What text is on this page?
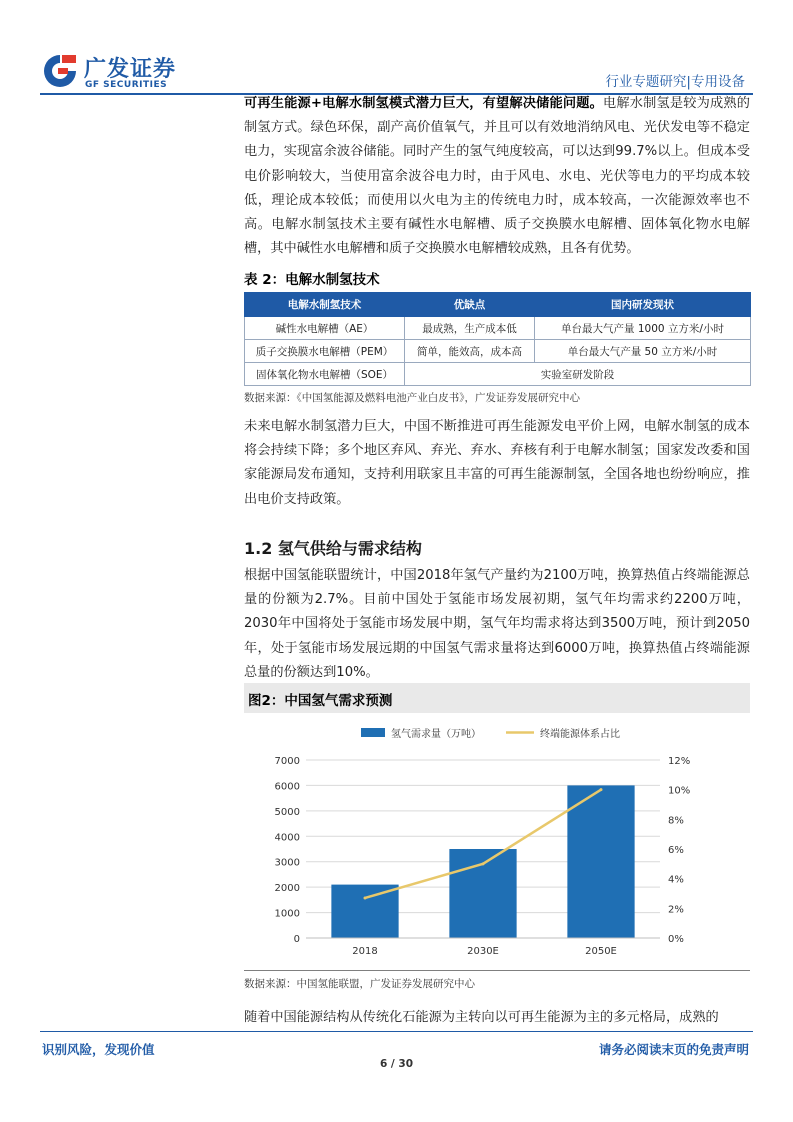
广发证券
GF SECURITIES	行业专题研究|专用设备

可再生能源+电解水制氢模式潜力巨大，有望解决储能问题。电解水制氢是较为成熟的制氢方式。绿色环保，副产高价值氧气，并且可以有效地消纳风电、光伏发电等不稳定电力，实现富余波谷储能。同时产生的氢气纯度较高，可以达到99.7%以上。但成本受电价影响较大，当使用富余波谷电力时，由于风电、水电、光伏等电力的平均成本较低，理论成本较低；而使用以火电为主的传统电力时，成本较高，一次能源效率也不高。电解水制氢技术主要有碱性水电解槽、质子交换膜水电解槽、固体氧化物水电解槽，其中碱性水电解槽和质子交换膜水电解槽较成熟，且各有优势。

表 2：电解水制氢技术
电解水制氢技术	优缺点	国内研发现状
碱性水电解槽（AE）	最成熟，生产成本低	单台最大气产量 1000 立方米/小时
质子交换膜水电解槽（PEM）	简单，能效高，成本高	单台最大气产量 50 立方米/小时
固体氧化物水电解槽（SOE）	实验室研发阶段	
数据来源：《中国氢能源及燃料电池产业白皮书》，广发证券发展研究中心

未来电解水制氢潜力巨大，中国不断推进可再生能源发电平价上网，电解水制氢的成本将会持续下降；多个地区弃风、弃光、弃水、弃核有利于电解水制氢；国家发改委和国家能源局发布通知，支持利用联家且丰富的可再生能源制氢，全国各地也纷纷响应，推出电价支持政策。

1.2 氢气供给与需求结构

根据中国氢能联盟统计，中国2018年氢气产量约为2100万吨，换算热值占终端能源总量的份额为2.7%。目前中国处于氢能市场发展初期，氢气年均需求约2200万吨，2030年中国将处于氢能市场发展中期，氢气年均需求将达到3500万吨，预计到2050年，处于氢能市场发展远期的中国氢气需求量将达到6000万吨，换算热值占终端能源总量的份额达到10%。

图2：中国氢气需求预测
0
1000
2000
3000
4000
5000
6000
7000
0%
2%
4%
6%
8%
10%
12%
2018	2030E	2050E
氢气需求量（万吨）	终端能源体系占比
数据来源：中国氢能联盟，广发证券发展研究中心

随着中国能源结构从传统化石能源为主转向以可再生能源为主的多元格局，成熟的

识别风险，发现价值	请务必阅读末页的免责声明
6 / 30
